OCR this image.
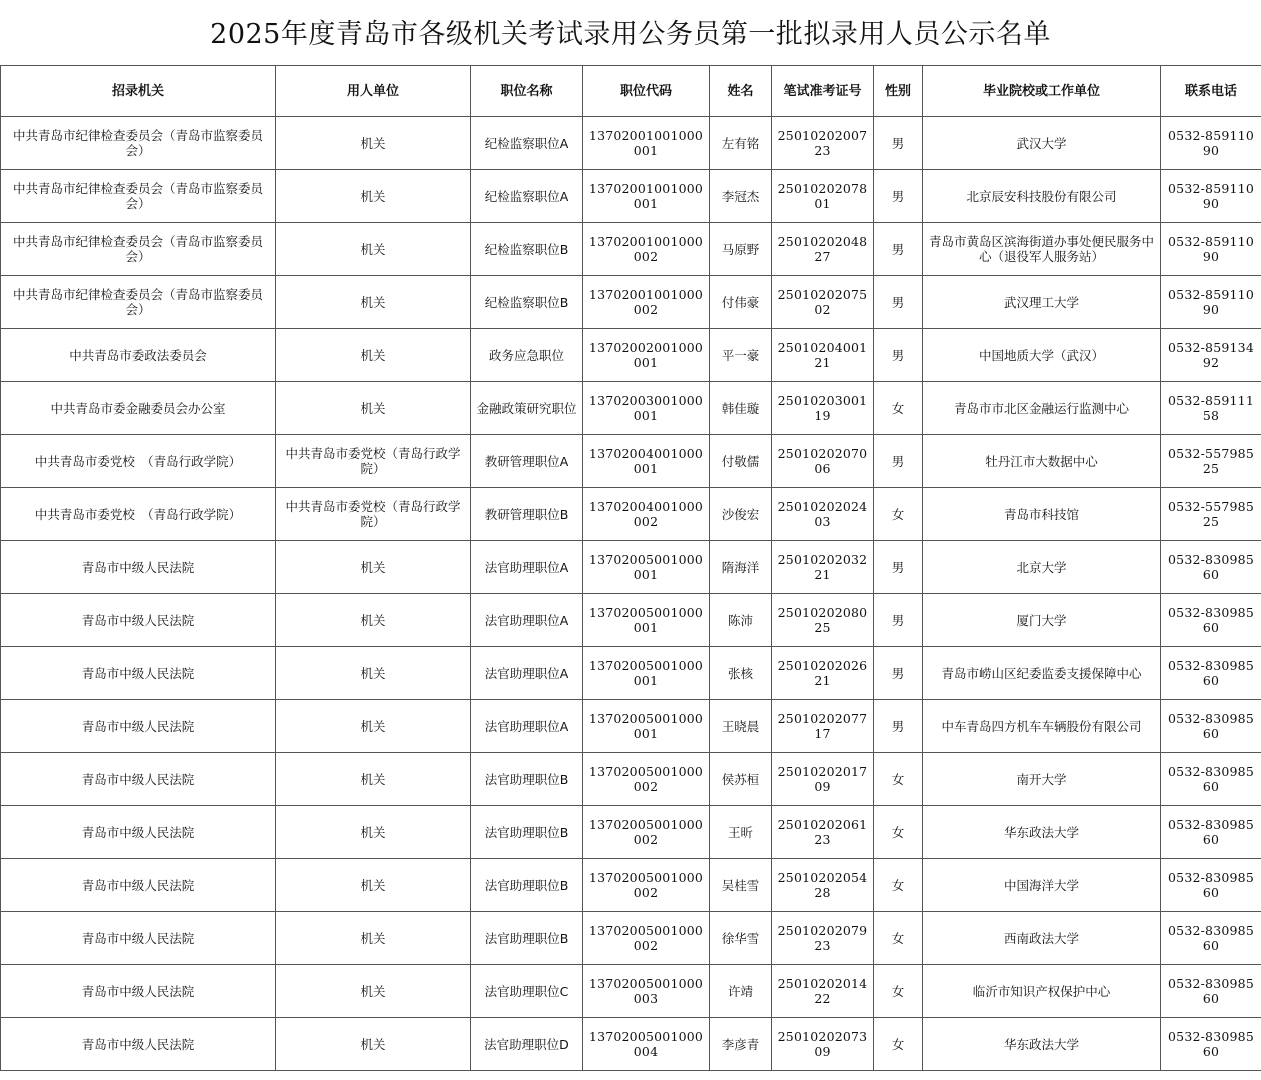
2025年度青岛市各级机关考试录用公务员第一批拟录用人员公示名单
招录机关	用人单位	职位名称	职位代码	姓名	笔试准考证号	性别	毕业院校或工作单位	联系电话
中共青岛市纪律检查委员会（青岛市监察委员会）	机关	纪检监察职位A	13702001001000001	左有铭	2501020200723	男	武汉大学	0532-85911090
中共青岛市纪律检查委员会（青岛市监察委员会）	机关	纪检监察职位A	13702001001000001	李冠杰	2501020207801	男	北京辰安科技股份有限公司	0532-85911090
中共青岛市纪律检查委员会（青岛市监察委员会）	机关	纪检监察职位B	13702001001000002	马原野	2501020204827	男	青岛市黄岛区滨海街道办事处便民服务中心（退役军人服务站）	0532-85911090
中共青岛市纪律检查委员会（青岛市监察委员会）	机关	纪检监察职位B	13702001001000002	付伟豪	2501020207502	男	武汉理工大学	0532-85911090
中共青岛市委政法委员会	机关	政务应急职位	13702002001000001	平一豪	2501020400121	男	中国地质大学（武汉）	0532-85913492
中共青岛市委金融委员会办公室	机关	金融政策研究职位	13702003001000001	韩佳璇	2501020300119	女	青岛市市北区金融运行监测中心	0532-85911158
中共青岛市委党校　（青岛行政学院）	中共青岛市委党校（青岛行政学院）	教研管理职位A	13702004001000001	付敬儒	2501020207006	男	牡丹江市大数据中心	0532-55798525
中共青岛市委党校　（青岛行政学院）	中共青岛市委党校（青岛行政学院）	教研管理职位B	13702004001000002	沙俊宏	2501020202403	女	青岛市科技馆	0532-55798525
青岛市中级人民法院	机关	法官助理职位A	13702005001000001	隋海洋	2501020203221	男	北京大学	0532-83098560
青岛市中级人民法院	机关	法官助理职位A	13702005001000001	陈沛	2501020208025	男	厦门大学	0532-83098560
青岛市中级人民法院	机关	法官助理职位A	13702005001000001	张核	2501020202621	男	青岛市崂山区纪委监委支援保障中心	0532-83098560
青岛市中级人民法院	机关	法官助理职位A	13702005001000001	王晓晨	2501020207717	男	中车青岛四方机车车辆股份有限公司	0532-83098560
青岛市中级人民法院	机关	法官助理职位B	13702005001000002	侯苏桓	2501020201709	女	南开大学	0532-83098560
青岛市中级人民法院	机关	法官助理职位B	13702005001000002	王昕	2501020206123	女	华东政法大学	0532-83098560
青岛市中级人民法院	机关	法官助理职位B	13702005001000002	吴桂雪	2501020205428	女	中国海洋大学	0532-83098560
青岛市中级人民法院	机关	法官助理职位B	13702005001000002	徐华雪	2501020207923	女	西南政法大学	0532-83098560
青岛市中级人民法院	机关	法官助理职位C	13702005001000003	许靖	2501020201422	女	临沂市知识产权保护中心	0532-83098560
青岛市中级人民法院	机关	法官助理职位D	13702005001000004	李彦青	2501020207309	女	华东政法大学	0532-83098560
